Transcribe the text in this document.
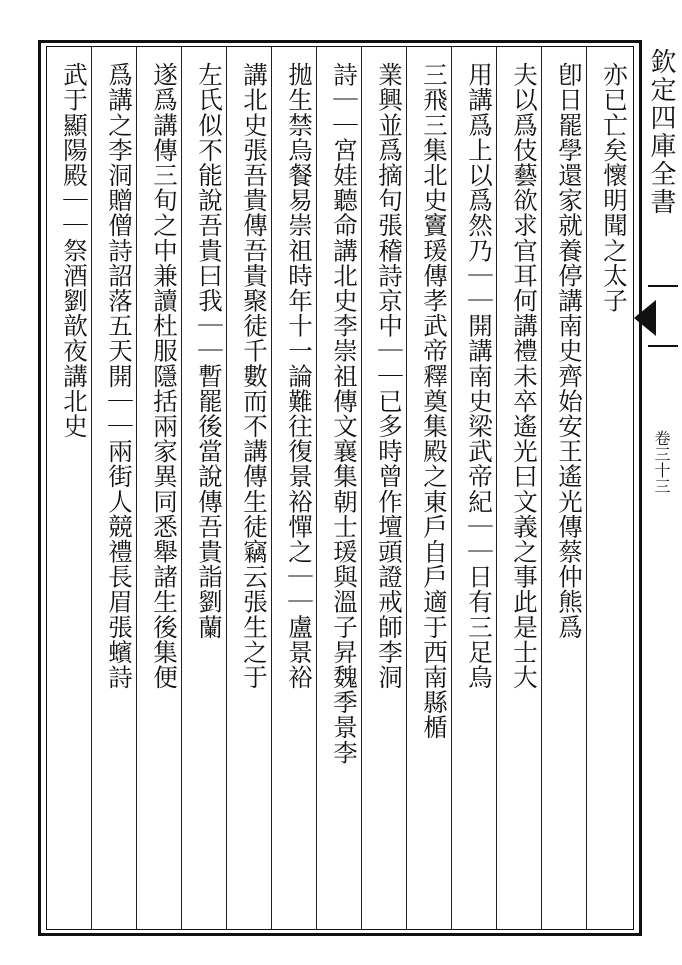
欽定四庫全書
卷三十三
亦已亡矣懷明聞之太子
卽日罷學還家就養停講南史齊始安王遙光傳蔡仲熊爲
夫以爲伎藝欲求官耳何講禮未卒遙光曰文義之事此是士大
用講爲上以爲然乃｜｜開講南史梁武帝紀｜｜日有三足烏
三飛三集北史竇瑗傳孝武帝釋奠集殿之東戶自戶適于西南縣楯
業興並爲摘句張稽詩京中｜｜已多時曾作壇頭證戒師李洞
詩｜｜宮娃聽命講北史李崇祖傳文襄集朝士瑗與溫子昇魏季景李
拋生禁烏餐易崇祖時年十一論難往復景裕憚之｜｜盧景裕
講北史張吾貴傳吾貴聚徒千數而不講傳生徒竊云張生之于
左氏似不能說吾貴曰我｜｜暫罷後當說傳吾貴詣劉蘭
遂爲講傳三旬之中兼讀杜服隱括兩家異同悉舉諸生後集便
爲講之李洞贈僧詩詔落五天開｜｜兩街人競禮長眉張蠙詩
武于顯陽殿｜｜祭酒劉歆夜講北史
